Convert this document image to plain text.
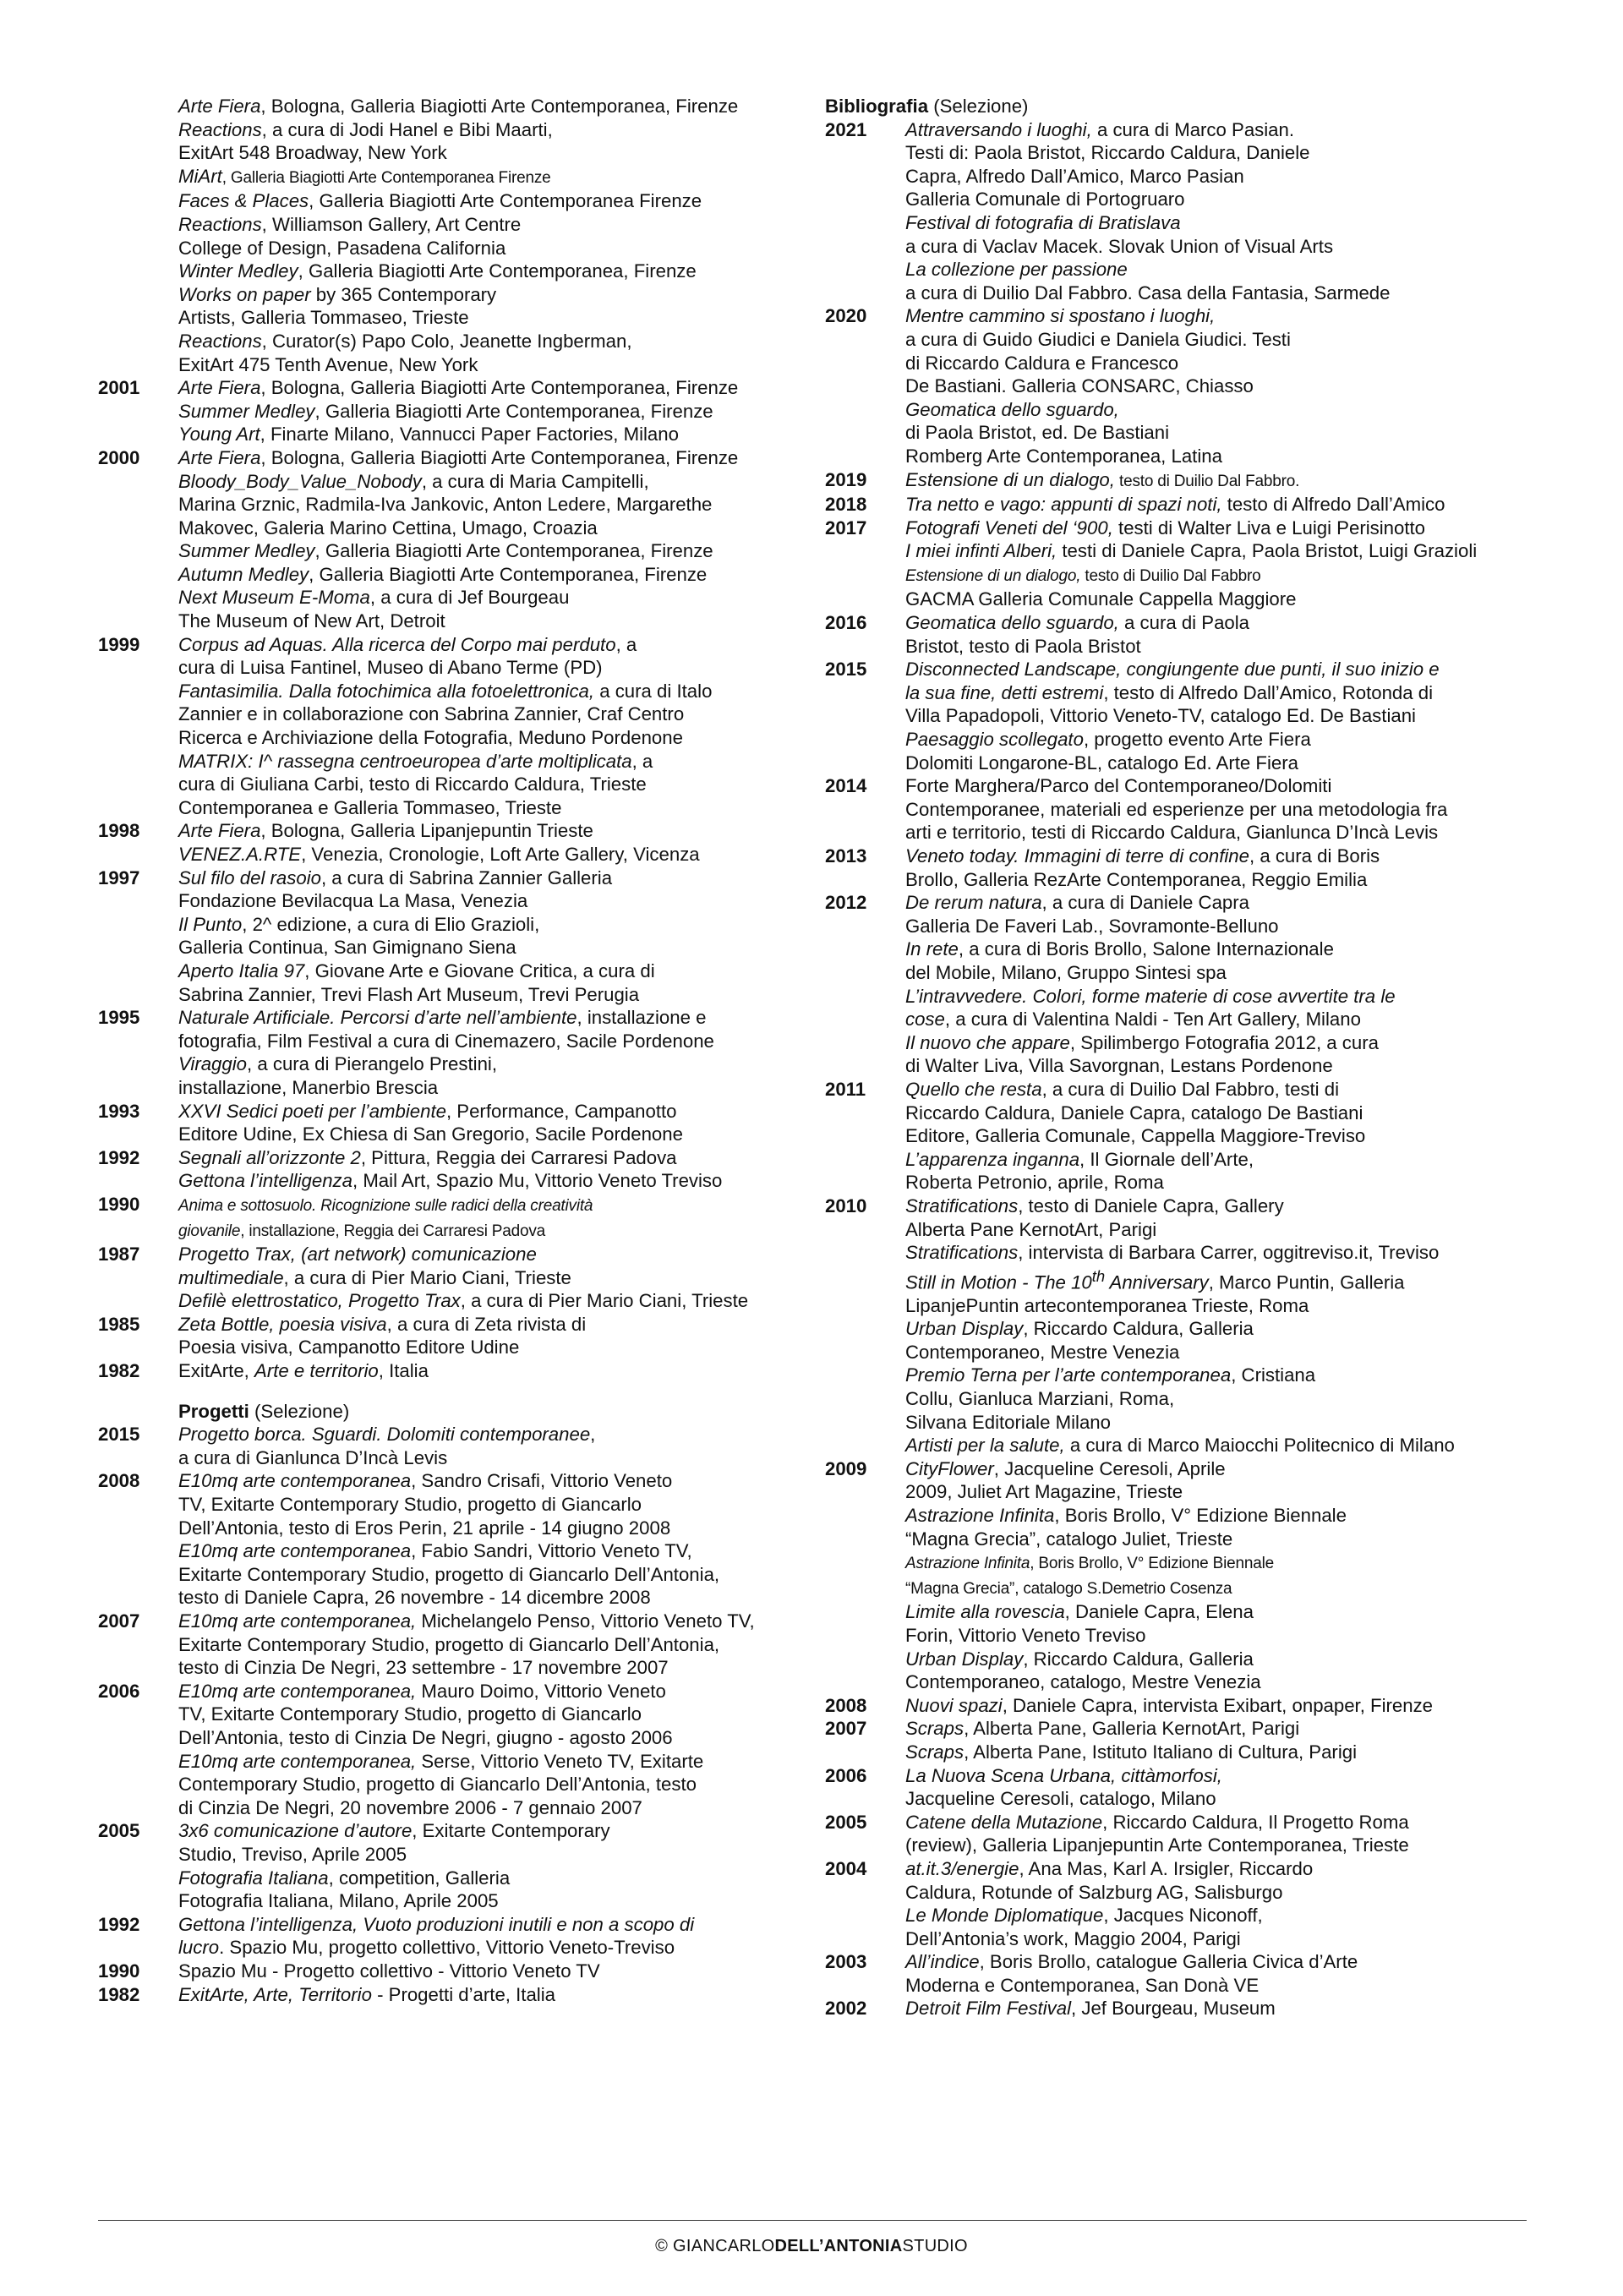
Arte Fiera, Bologna, Galleria Biagiotti Arte Contemporanea, Firenze
Reactions, a cura di Jodi Hanel e Bibi Maarti,
ExitArt 548 Broadway, New York
MiArt, Galleria Biagiotti Arte Contemporanea Firenze
Faces & Places, Galleria Biagiotti Arte Contemporanea Firenze
Reactions, Williamson Gallery, Art Centre
College of Design, Pasadena California
Winter Medley, Galleria Biagiotti Arte Contemporanea, Firenze
Works on paper by 365 Contemporary
Artists, Galleria Tommaseo, Trieste
Reactions, Curator(s) Papo Colo, Jeanette Ingberman,
ExitArt 475 Tenth Avenue, New York
2001	Arte Fiera, Bologna, Galleria Biagiotti Arte Contemporanea, Firenze
Summer Medley, Galleria Biagiotti Arte Contemporanea, Firenze
Young Art, Finarte Milano, Vannucci Paper Factories, Milano
2000	Arte Fiera, Bologna, Galleria Biagiotti Arte Contemporanea, Firenze
Bloody_Body_Value_Nobody, a cura di Maria Campitelli,
Marina Grznic, Radmila-Iva Jankovic, Anton Ledere, Margarethe
Makovec, Galeria Marino Cettina, Umago, Croazia
Summer Medley, Galleria Biagiotti Arte Contemporanea, Firenze
Autumn Medley, Galleria Biagiotti Arte Contemporanea, Firenze
Next Museum E-Moma, a cura di Jef Bourgeau
The Museum of New Art, Detroit
1999	Corpus ad Aquas. Alla ricerca del Corpo mai perduto, a
cura di Luisa Fantinel, Museo di Abano Terme (PD)
Fantasimilia. Dalla fotochimica alla fotoelettronica, a cura di Italo
Zannier e in collaborazione con Sabrina Zannier, Craf Centro
Ricerca e Archiviazione della Fotografia, Meduno Pordenone
MATRIX: I^ rassegna centroeuropea d’arte moltiplicata, a
cura di Giuliana Carbi, testo di Riccardo Caldura, Trieste
Contemporanea e Galleria Tommaseo, Trieste
1998	Arte Fiera, Bologna, Galleria Lipanjepuntin Trieste
VENEZ.A.RTE, Venezia, Cronologie, Loft Arte Gallery, Vicenza
1997	Sul filo del rasoio, a cura di Sabrina Zannier Galleria
Fondazione Bevilacqua La Masa, Venezia
Il Punto, 2^ edizione, a cura di Elio Grazioli,
Galleria Continua, San Gimignano Siena
Aperto Italia 97, Giovane Arte e Giovane Critica, a cura di
Sabrina Zannier, Trevi Flash Art Museum, Trevi Perugia
1995	Naturale Artificiale. Percorsi d’arte nell’ambiente, installazione e
fotografia, Film Festival a cura di Cinemazero, Sacile Pordenone
Viraggio, a cura di Pierangelo Prestini,
installazione, Manerbio Brescia
1993	XXVI Sedici poeti per l’ambiente, Performance, Campanotto
Editore Udine, Ex Chiesa di San Gregorio, Sacile Pordenone
1992	Segnali all’orizzonte 2, Pittura, Reggia dei Carraresi Padova
Gettona l’intelligenza, Mail Art, Spazio Mu, Vittorio Veneto Treviso
1990	Anima e sottosuolo. Ricognizione sulle radici della creatività
giovanile, installazione, Reggia dei Carraresi Padova
1987	Progetto Trax, (art network) comunicazione
multimediale, a cura di Pier Mario Ciani, Trieste
Defilè elettrostatico, Progetto Trax, a cura di Pier Mario Ciani, Trieste
1985	Zeta Bottle, poesia visiva, a cura di Zeta rivista di
Poesia visiva, Campanotto Editore Udine
1982	ExitArte, Arte e territorio, Italia
Progetti (Selezione)
2015	Progetto borca. Sguardi. Dolomiti contemporanee,
a cura di Gianlunca D’Incà Levis
2008	E10mq arte contemporanea, Sandro Crisafi, Vittorio Veneto
TV, Exitarte Contemporary Studio, progetto di Giancarlo
Dell’Antonia, testo di Eros Perin, 21 aprile - 14 giugno 2008
E10mq arte contemporanea, Fabio Sandri, Vittorio Veneto TV,
Exitarte Contemporary Studio, progetto di Giancarlo Dell’Antonia,
testo di Daniele Capra, 26 novembre - 14 dicembre 2008
2007	E10mq arte contemporanea, Michelangelo Penso, Vittorio Veneto TV,
Exitarte Contemporary Studio, progetto di Giancarlo Dell’Antonia,
testo di Cinzia De Negri, 23 settembre - 17 novembre 2007
2006	E10mq arte contemporanea, Mauro Doimo, Vittorio Veneto
TV, Exitarte Contemporary Studio, progetto di Giancarlo
Dell’Antonia, testo di Cinzia De Negri, giugno - agosto 2006
E10mq arte contemporanea, Serse, Vittorio Veneto TV, Exitarte
Contemporary Studio, progetto di Giancarlo Dell’Antonia, testo
di Cinzia De Negri, 20 novembre 2006 - 7 gennaio 2007
2005	3x6 comunicazione d’autore, Exitarte Contemporary
Studio, Treviso, Aprile 2005
Fotografia Italiana, competition, Galleria
Fotografia Italiana, Milano, Aprile 2005
1992	Gettona l’intelligenza, Vuoto produzioni inutili e non a scopo di
lucro. Spazio Mu, progetto collettivo, Vittorio Veneto-Treviso
1990	Spazio Mu - Progetto collettivo - Vittorio Veneto TV
1982	ExitArte, Arte, Territorio - Progetti d’arte, Italia
Bibliografia (Selezione)
2021	Attraversando i luoghi, a cura di Marco Pasian.
Testi di: Paola Bristot, Riccardo Caldura, Daniele
Capra, Alfredo Dall’Amico, Marco Pasian
Galleria Comunale di Portogruaro
Festival di fotografia di Bratislava
a cura di Vaclav Macek. Slovak Union of Visual Arts
La collezione per passione
a cura di Duilio Dal Fabbro. Casa della Fantasia, Sarmede
2020	Mentre cammino si spostano i luoghi,
a cura di Guido Giudici e Daniela Giudici. Testi
di Riccardo Caldura e Francesco
De Bastiani. Galleria CONSARC, Chiasso
Geomatica dello sguardo,
di Paola Bristot, ed. De Bastiani
Romberg Arte Contemporanea, Latina
2019	Estensione di un dialogo, testo di Duilio Dal Fabbro.
2018	Tra netto e vago: appunti di spazi noti, testo di Alfredo Dall’Amico
2017	Fotografi Veneti del ‘900, testi di Walter Liva e Luigi Perisinotto
I miei infinti Alberi, testi di Daniele Capra, Paola Bristot, Luigi Grazioli
Estensione di un dialogo, testo di Duilio Dal Fabbro
GACMA Galleria Comunale Cappella Maggiore
2016	Geomatica dello sguardo, a cura di Paola
Bristot, testo di Paola Bristot
2015	Disconnected Landscape, congiungente due punti, il suo inizio e
la sua fine, detti estremi, testo di Alfredo Dall’Amico, Rotonda di
Villa Papadopoli, Vittorio Veneto-TV, catalogo Ed. De Bastiani
Paesaggio scollegato, progetto evento Arte Fiera
Dolomiti Longarone-BL, catalogo Ed. Arte Fiera
2014	Forte Marghera/Parco del Contemporaneo/Dolomiti
Contemporanee, materiali ed esperienze per una metodologia fra
arti e territorio, testi di Riccardo Caldura, Gianlunca D’Incà Levis
2013	Veneto today. Immagini di terre di confine, a cura di Boris
Brollo, Galleria RezArte Contemporanea, Reggio Emilia
2012	De rerum natura, a cura di Daniele Capra
Galleria De Faveri Lab., Sovramonte-Belluno
In rete, a cura di Boris Brollo, Salone Internazionale
del Mobile, Milano, Gruppo Sintesi spa
L’intravvedere. Colori, forme materie di cose avvertite tra le
cose, a cura di Valentina Naldi - Ten Art Gallery, Milano
Il nuovo che appare, Spilimbergo Fotografia 2012, a cura
di Walter Liva, Villa Savorgnan, Lestans Pordenone
2011	Quello che resta, a cura di Duilio Dal Fabbro, testi di
Riccardo Caldura, Daniele Capra, catalogo De Bastiani
Editore, Galleria Comunale, Cappella Maggiore-Treviso
L’apparenza inganna, Il Giornale dell’Arte,
Roberta Petronio, aprile, Roma
2010	Stratifications, testo di Daniele Capra, Gallery
Alberta Pane KernotArt, Parigi
Stratifications, intervista di Barbara Carrer, oggitreviso.it, Treviso
Still in Motion - The 10th Anniversary, Marco Puntin, Galleria
LipanjePuntin artecontemporanea Trieste, Roma
Urban Display, Riccardo Caldura, Galleria
Contemporaneo, Mestre Venezia
Premio Terna per l’arte contemporanea, Cristiana
Collu, Gianluca Marziani, Roma,
Silvana Editoriale Milano
Artisti per la salute, a cura di Marco Maiocchi Politecnico di Milano
2009	CityFlower, Jacqueline Ceresoli, Aprile
2009, Juliet Art Magazine, Trieste
Astrazione Infinita, Boris Brollo, V° Edizione Biennale
“Magna Grecia”, catalogo Juliet, Trieste
Astrazione Infinita, Boris Brollo, V° Edizione Biennale
“Magna Grecia”, catalogo S.Demetrio Cosenza
Limite alla rovescia, Daniele Capra, Elena
Forin, Vittorio Veneto Treviso
Urban Display, Riccardo Caldura, Galleria
Contemporaneo, catalogo, Mestre Venezia
2008	Nuovi spazi, Daniele Capra, intervista Exibart, onpaper, Firenze
2007	Scraps, Alberta Pane, Galleria KernotArt, Parigi
Scraps, Alberta Pane, Istituto Italiano di Cultura, Parigi
2006	La Nuova Scena Urbana, cittàmorfosi,
Jacqueline Ceresoli, catalogo, Milano
2005	Catene della Mutazione, Riccardo Caldura, Il Progetto Roma
(review), Galleria Lipanjepuntin Arte Contemporanea, Trieste
2004	at.it.3/energie, Ana Mas, Karl A. Irsigler, Riccardo
Caldura, Rotunde of Salzburg AG, Salisburgo
Le Monde Diplomatique, Jacques Niconoff,
Dell’Antonia’s work, Maggio 2004, Parigi
2003	All’indice, Boris Brollo, catalogue Galleria Civica d’Arte
Moderna e Contemporanea, San Donà VE
2002	Detroit Film Festival, Jef Bourgeau, Museum
© GIANCARLODELL’ANTONIASTUDIO
